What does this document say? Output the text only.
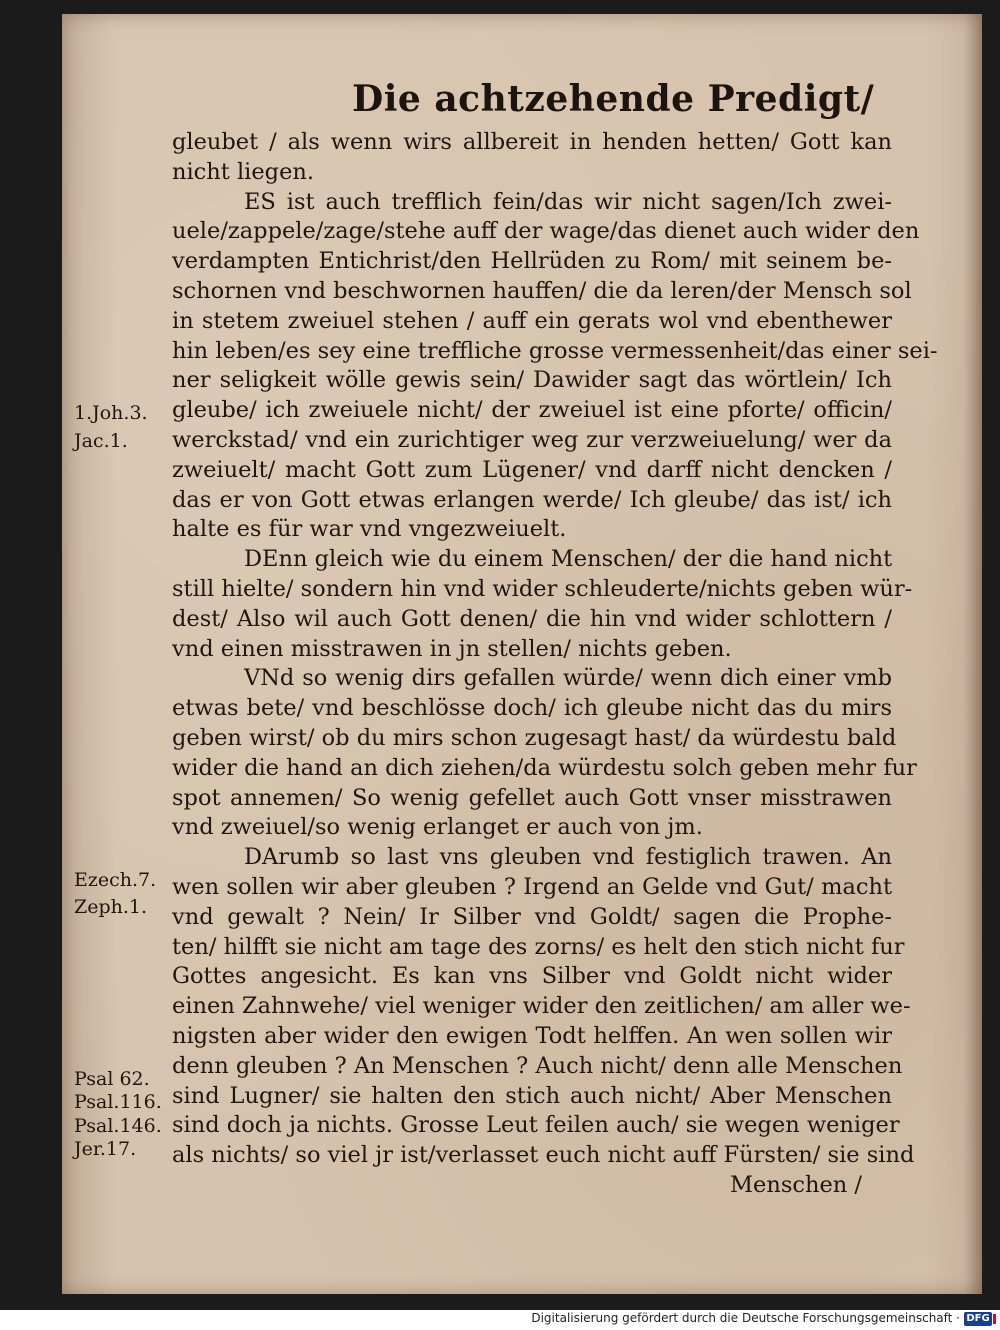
Die achtzehende Predigt/
gleubet / als wenn wirs allbereit in henden hetten/ Gott kan
nicht liegen.
ES ist auch trefflich fein/das wir nicht sagen/Ich zwei-
uele/zappele/zage/stehe auff der wage/das dienet auch wider den
verdampten Entichrist/den Hellrüden zu Rom/ mit seinem be-
schornen vnd beschwornen hauffen/ die da leren/der Mensch sol
in stetem zweiuel stehen / auff ein gerats wol vnd ebenthewer
hin leben/es sey eine treffliche grosse vermessenheit/das einer sei-
ner seligkeit wölle gewis sein/ Dawider sagt das wörtlein/ Ich
gleube/ ich zweiuele nicht/ der zweiuel ist eine pforte/ officin/
werckstad/ vnd ein zurichtiger weg zur verzweiuelung/ wer da
zweiuelt/ macht Gott zum Lügener/ vnd darff nicht dencken /
das er von Gott etwas erlangen werde/ Ich gleube/ das ist/ ich
halte es für war vnd vngezweiuelt.
DEnn gleich wie du einem Menschen/ der die hand nicht
still hielte/ sondern hin vnd wider schleuderte/nichts geben wür-
dest/ Also wil auch Gott denen/ die hin vnd wider schlottern /
vnd einen misstrawen in jn stellen/ nichts geben.
VNd so wenig dirs gefallen würde/ wenn dich einer vmb
etwas bete/ vnd beschlösse doch/ ich gleube nicht das du mirs
geben wirst/ ob du mirs schon zugesagt hast/ da würdestu bald
wider die hand an dich ziehen/da würdestu solch geben mehr fur
spot annemen/ So wenig gefellet auch Gott vnser misstrawen
vnd zweiuel/so wenig erlanget er auch von jm.
DArumb so last vns gleuben vnd festiglich trawen. An
wen sollen wir aber gleuben ? Irgend an Gelde vnd Gut/ macht
vnd gewalt ? Nein/ Ir Silber vnd Goldt/ sagen die Prophe-
ten/ hilfft sie nicht am tage des zorns/ es helt den stich nicht fur
Gottes angesicht. Es kan vns Silber vnd Goldt nicht wider
einen Zahnwehe/ viel weniger wider den zeitlichen/ am aller we-
nigsten aber wider den ewigen Todt helffen. An wen sollen wir
denn gleuben ? An Menschen ? Auch nicht/ denn alle Menschen
sind Lugner/ sie halten den stich auch nicht/ Aber Menschen
sind doch ja nichts. Grosse Leut feilen auch/ sie wegen weniger
als nichts/ so viel jr ist/verlasset euch nicht auff Fürsten/ sie sind
Menschen /
1.Joh.3.
Jac.1.
Ezech.7.
Zeph.1.
Psal 62.
Psal.116.
Psal.146.
Jer.17.
Digitalisierung gefördert durch die Deutsche Forschungsgemeinschaft · DFG
